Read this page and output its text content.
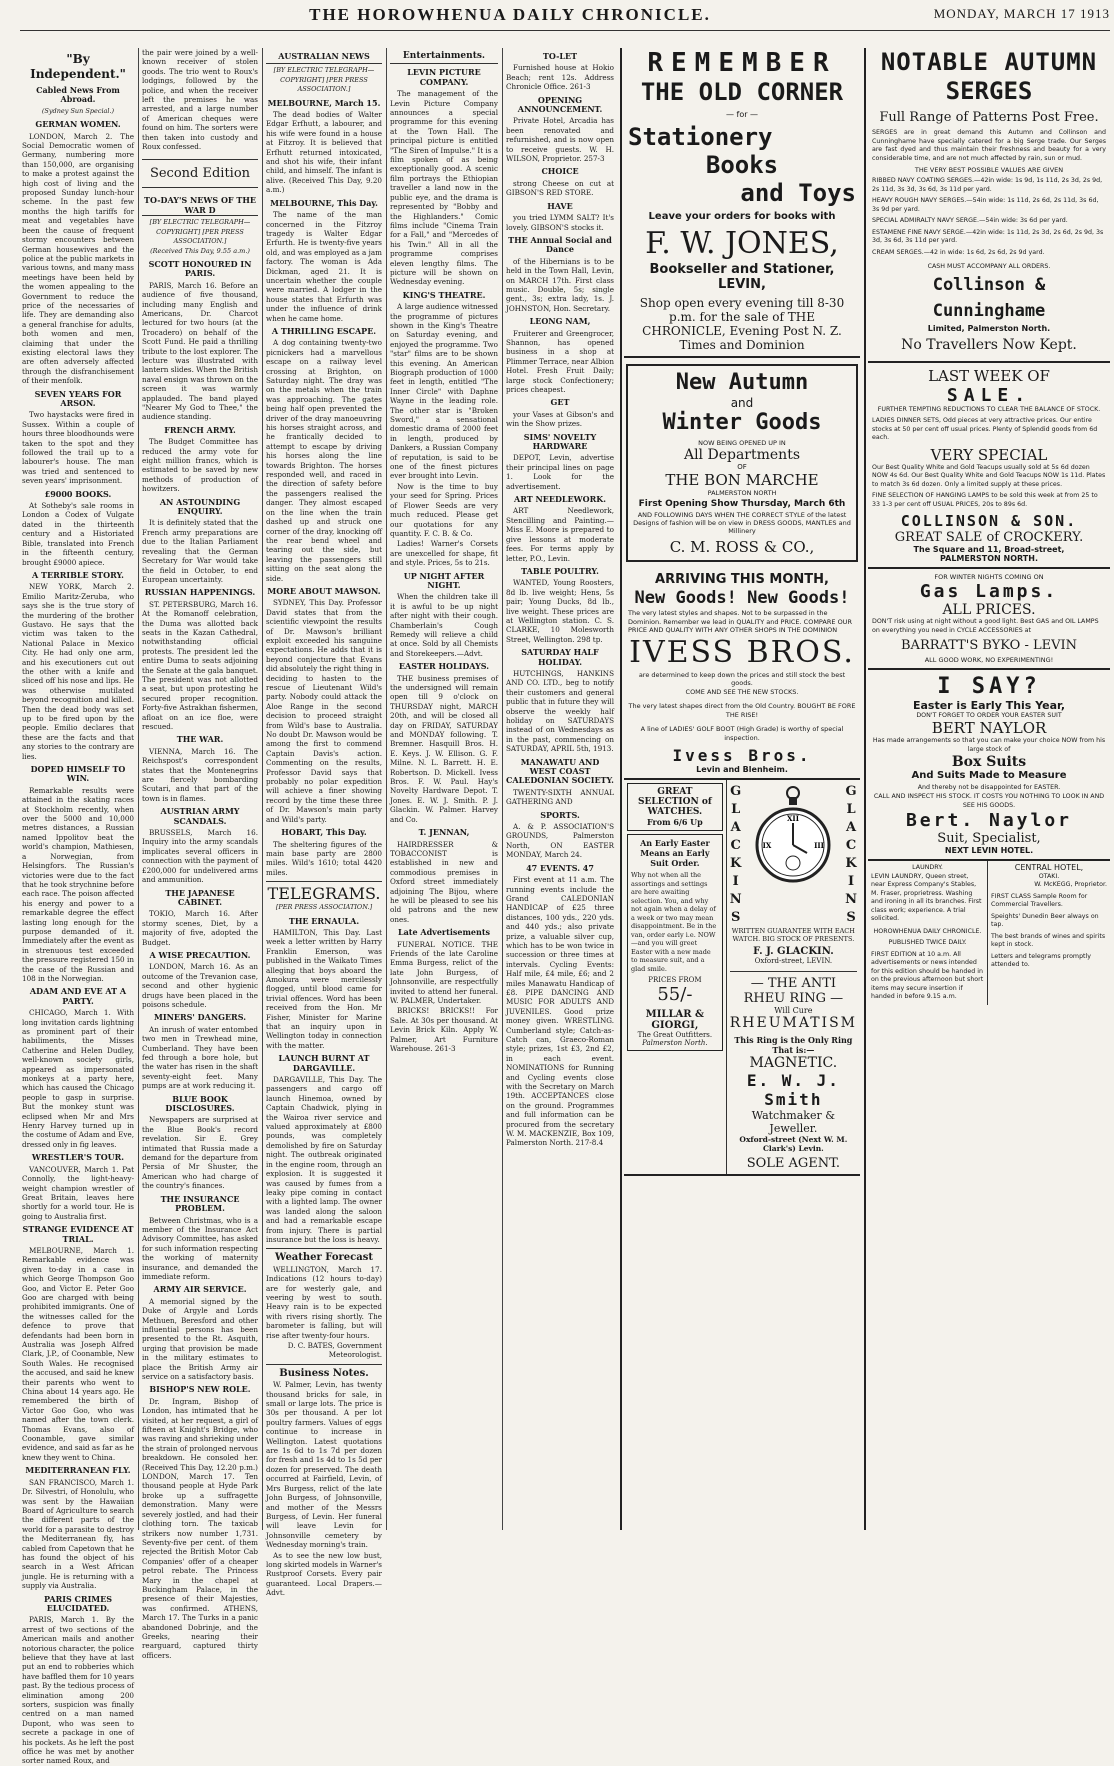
THE HOROWHENUA DAILY CHRONICLE.	MONDAY, MARCH 17 1913
"By Independent."
Cabled News From Abroad.
(Sydney Sun Special.)
GERMAN WOMEN.

LONDON, March 2. The Social Democratic women of Germany, numbering more than 150,000, are organising to make a protest against the high cost of living and the proposed Sunday lunch-hour scheme. In the past few months the high tariffs for meat and vegetables have been the cause of frequent stormy encounters between German housewives and the police at the public markets in various towns, and many mass meetings have been held by the women appealing to the Government to reduce the price of the necessaries of life. They are demanding also a general franchise for adults, both women and men, claiming that under the existing electoral laws they are often adversely affected through the disfranchisement of their menfolk.

SEVEN YEARS FOR ARSON.

Two haystacks were fired in Sussex. Within a couple of hours three bloodhounds were taken to the spot and they followed the trail up to a labourer's house. The man was tried and sentenced to seven years' imprisonment.

£9000 BOOKS.

At Sotheby's sale rooms in London a Codex of Vulgate dated in the thirteenth century and a Historiated Bible, translated into French in the fifteenth century, brought £9000 apiece.

A TERRIBLE STORY.

NEW YORK, March 2. Emilio Maritz-Zeruba, who says she is the true story of the murdering of the brother Gustavo. He says that the victim was taken to the National Palace in Mexico City. He had only one arm, and his executioners cut out the other with a knife and sliced off his nose and lips. He was otherwise mutilated beyond recognition and killed. Then the dead body was set up to be fired upon by the people. Emilio declares that these are the facts and that any stories to the contrary are lies.

DOPED HIMSELF TO WIN.

Remarkable results were attained in the skating races at Stockholm recently, when over the 5000 and 10,000 metres distances, a Russian named Ippolitov beat the world's champion, Mathiesen, a Norwegian, from Helsingfors. The Russian's victories were due to the fact that he took strychnine before each race. The poison affected his energy and power to a remarkable degree the effect lasting long enough for the purpose demanded of it. Immediately after the event as in strenuous test exceeded the pressure registered 150 in the case of the Russian and 108 in the Norwegian.

ADAM AND EVE AT A PARTY.

CHICAGO, March 1. With long invitation cards lightning as prominent part of their habiliments, the Misses Catherine and Helen Dudley, well-known society girls, appeared as impersonated monkeys at a party here, which has caused the Chicago people to gasp in surprise. But the monkey stunt was eclipsed when Mr and Mrs Henry Harvey turned up in the costume of Adam and Eve, dressed only in fig leaves.

WRESTLER'S TOUR.

VANCOUVER, March 1. Pat Connolly, the light-heavy-weight champion wrestler of Great Britain, leaves here shortly for a world tour. He is going to Australia first.

STRANGE EVIDENCE AT TRIAL.

MELBOURNE, March 1. Remarkable evidence was given to-day in a case in which George Thompson Goo Goo, and Victor E. Peter Goo Goo are charged with being prohibited immigrants. One of the witnesses called for the defence to prove that defendants had been born in Australia was Joseph Alfred Clark, J.P., of Coonamble, New South Wales. He recognised the accused, and said he knew their parents who went to China about 14 years ago. He remembered the birth of Victor Goo Goo, who was named after the town clerk. Thomas Evans, also of Coonamble, gave similar evidence, and said as far as he knew they went to China.

MEDITERRANEAN FLY.

SAN FRANCISCO, March 1. Dr. Silvestri, of Honolulu, who was sent by the Hawaiian Board of Agriculture to search the different parts of the world for a parasite to destroy the Mediterranean fly, has cabled from Capetown that he has found the object of his search in a West African jungle. He is returning with a supply via Australia.

PARIS CRIMES ELUCIDATED.

PARIS, March 1. By the arrest of two sections of the American mails and another notorious character, the police believe that they have at last put an end to robberies which have baffled them for 10 years past. By the tedious process of elimination among 200 sorters, suspicion was finally centred on a man named Dupont, who was seen to secrete a package in one of his pockets. As he left the post office he was met by another sorter named Roux, and

the pair were joined by a well-known receiver of stolen goods. The trio went to Roux's lodgings, followed by the police, and when the receiver left the premises he was arrested, and a large number of American cheques were found on him. The sorters were then taken into custody and Roux confessed.

Second Edition
TO-DAY'S NEWS OF THE WAR D
[BY ELECTRIC TELEGRAPH—COPYRIGHT] [PER PRESS ASSOCIATION.]
(Received This Day, 9.55 a.m.)
SCOTT HONOURED IN PARIS.

PARIS, March 16. Before an audience of five thousand, including many English and Americans, Dr. Charcot lectured for two hours (at the Trocadero) on behalf of the Scott Fund. He paid a thrilling tribute to the lost explorer. The lecture was illustrated with lantern slides. When the British naval ensign was thrown on the screen it was warmly applauded. The band played "Nearer My God to Thee," the audience standing.

FRENCH ARMY.

The Budget Committee has reduced the army vote for eight million francs, which is estimated to be saved by new methods of production of howitzers.

AN ASTOUNDING ENQUIRY.

It is definitely stated that the French army preparations are due to the Italian Parliament revealing that the German Secretary for War would take the field in October, to end European uncertainty.

RUSSIAN HAPPENINGS.

ST. PETERSBURG, March 16. At the Romanoff celebration, the Duma was allotted back seats in the Kazan Cathedral, notwithstanding official protests. The president led the entire Duma to seats adjoining the Senate at the gala banquet. The president was not allotted a seat, but upon protesting he secured proper recognition. Forty-five Astrakhan fishermen, afloat on an ice floe, were rescued.

THE WAR.

VIENNA, March 16. The Reichspost's correspondent states that the Montenegrins are fiercely bombarding Scutari, and that part of the town is in flames.

AUSTRIAN ARMY SCANDALS.

BRUSSELS, March 16. Inquiry into the army scandals implicates several officers in connection with the payment of £200,000 for undelivered arms and ammunition.

THE JAPANESE CABINET.

TOKIO, March 16. After stormy scenes, Diet, by a majority of five, adopted the Budget.

A WISE PRECAUTION.

LONDON, March 16. As an outcome of the Trevanion case, second and other hygienic drugs have been placed in the poisons schedule.

MINERS' DANGERS.

An inrush of water entombed two men in Trewhead mine, Cumberland. They have been fed through a bore hole, but the water has risen in the shaft seventy-eight feet. Many pumps are at work reducing it.

BLUE BOOK DISCLOSURES.

Newspapers are surprised at the Blue Book's record revelation. Sir E. Grey intimated that Russia made a demand for the departure from Persia of Mr Shuster, the American who had charge of the country's finances.

THE INSURANCE PROBLEM.

Between Christmas, who is a member of the Insurance Act Advisory Committee, has asked for such information respecting the working of maternity insurance, and demanded the immediate reform.

ARMY AIR SERVICE.

A memorial signed by the Duke of Argyle and Lords Methuen, Beresford and other influential persons has been presented to the Rt. Asquith, urging that provision be made in the military estimates to place the British Army air service on a satisfactory basis.

BISHOP'S NEW ROLE.

Dr. Ingram, Bishop of London, has intimated that he visited, at her request, a girl of fifteen at Knight's Bridge, who was raving and shrieking under the strain of prolonged nervous breakdown. He consoled her. (Received This Day, 12.20 p.m.) LONDON, March 17. Ten thousand people at Hyde Park broke up a suffragette demonstration. Many were severely jostled, and had their clothing torn. The taxicab strikers now number 1,731. Seventy-five per cent. of them rejected the British Motor Cab Companies' offer of a cheaper petrol rebate. The Princess Mary in the chapel at Buckingham Palace, in the presence of their Majesties, was confirmed. ATHENS, March 17. The Turks in a panic abandoned Dobrinje, and the Greeks, nearing their rearguard, captured thirty officers.

AUSTRALIAN NEWS
[BY ELECTRIC TELEGRAPH—COPYRIGHT] [PER PRESS ASSOCIATION.]
MELBOURNE, March 15.

The dead bodies of Walter Edgar Erfhutt, a labourer, and his wife were found in a house at Fitzroy. It is believed that Erfhutt returned intoxicated, and shot his wife, their infant child, and himself. The infant is alive. (Received This Day, 9.20 a.m.)

MELBOURNE, This Day.

The name of the man concerned in the Fitzroy tragedy is Walter Edgar Erfurth. He is twenty-five years old, and was employed as a jam factory. The woman is Ada Dickman, aged 21. It is uncertain whether the couple were married. A lodger in the house states that Erfurth was under the influence of drink when he came home.

A THRILLING ESCAPE.

A dog containing twenty-two picnickers had a marvellous escape on a railway level crossing at Brighton, on Saturday night. The dray was on the metals when the train was approaching. The gates being half open prevented the driver of the dray manoeuvring his horses straight across, and he frantically decided to attempt to escape by driving his horses along the line towards Brighton. The horses responded well, and raced in the direction of safety before the passengers realised the danger. They almost escaped on the line when the train dashed up and struck one corner of the dray, knocking off the rear bend wheel and tearing out the side, but leaving the passengers still sitting on the seat along the side.

MORE ABOUT MAWSON.

SYDNEY, This Day. Professor David states that from the scientific viewpoint the results of Dr. Mawson's brilliant exploit exceeded his sanguine expectations. He adds that it is beyond conjecture that Evans did absolutely the right thing in deciding to hasten to the rescue of Lieutenant Wild's party. Nobody could attack the Aloe Range in the second decision to proceed straight from Wild's base to Australia. No doubt Dr. Mawson would be among the first to commend Captain Davis's action. Commenting on the results, Professor David says that probably no polar expedition will achieve a finer showing record by the time these three of Dr. Mawson's main party and Wild's party.

HOBART, This Day.

The sheltering figures of the main base party are 2800 miles. Wild's 1610; total 4420 miles.

TELEGRAMS.
[PER PRESS ASSOCIATION.]
THE ERNAULA.

HAMILTON, This Day. Last week a letter written by Harry Franklin Emerson, was published in the Waikato Times alleging that boys aboard the Amokura were mercilessly flogged, until blood came for trivial offences. Word has been received from the Hon. Mr Fisher, Minister for Marine that an inquiry upon in Wellington today in connection with the matter.

LAUNCH BURNT AT DARGAVILLE.

DARGAVILLE, This Day. The passengers and cargo off launch Hinemoa, owned by Captain Chadwick, plying in the Wairoa river service and valued approximately at £800 pounds, was completely demolished by fire on Saturday night. The outbreak originated in the engine room, through an explosion. It is suggested it was caused by fumes from a leaky pipe coming in contact with a lighted lamp. The owner was landed along the saloon and had a remarkable escape from injury. There is partial insurance but the loss is heavy.

Weather Forecast

WELLINGTON, March 17. Indications (12 hours to-day) are for westerly gale, and veering by west to south. Heavy rain is to be expected with rivers rising shortly. The barometer is falling, but will rise after twenty-four hours.

D. C. BATES, Government Meteorologist.

Business Notes.

W. Palmer, Levin, has twenty thousand bricks for sale, in small or large lots. The price is 30s per thousand. A per lot poultry farmers. Values of eggs continue to increase in Wellington. Latest quotations are 1s 6d to 1s 7d per dozen for fresh and 1s 4d to 1s 5d per dozen for preserved. The death occurred at Fairfield, Levin, of Mrs Burgess, relict of the late John Burgess, of Johnsonville, and mother of the Messrs Burgess, of Levin. Her funeral will leave Levin for Johnsonville cemetery by Wednesday morning's train.

As to see the new low bust, long skirted models in Warner's Rustproof Corsets. Every pair guaranteed. Local Drapers.—Advt.

Entertainments.
LEVIN PICTURE COMPANY.

The management of the Levin Picture Company announces a special programme for this evening at the Town Hall. The principal picture is entitled "The Siren of Impulse." It is a film spoken of as being exceptionally good. A scenic film portrays the Ethiopian traveller a land now in the public eye, and the drama is represented by "Bobby and the Highlanders." Comic films include "Cinema Train for a Fall," and "Mercedes of his Twin." All in all the programme comprises eleven lengthy films. The picture will be shown on Wednesday evening.

KING'S THEATRE.

A large audience witnessed the programme of pictures shown in the King's Theatre on Saturday evening, and enjoyed the programme. Two "star" films are to be shown this evening. An American Biograph production of 1000 feet in length, entitled "The Inner Circle" with Daphne Wayne in the leading role. The other star is "Broken Sword," a sensational domestic drama of 2000 feet in length, produced by Dankers, a Russian Company of reputation, is said to be one of the finest pictures ever brought into Levin.

Now is the time to buy your seed for Spring. Prices of Flower Seeds are very much reduced. Please get our quotations for any quantity. F. C. B. & Co.

Ladies! Warner's Corsets are unexcelled for shape, fit and style. Prices, 5s to 21s.

UP NIGHT AFTER NIGHT.

When the children take ill it is awful to be up night after night with their cough. Chamberlain's Cough Remedy will relieve a child at once. Sold by all Chemists and Storekeepers.—Advt.

EASTER HOLIDAYS.

THE business premises of the undersigned will remain open till 9 o'clock on THURSDAY night, MARCH 20th, and will be closed all day on FRIDAY, SATURDAY and MONDAY following. T. Bremner. Hasquill Bros. H. E. Keys. J. W. Ellison. G. F. Milne. N. L. Barrett. H. E. Robertson. D. Mickell. Ivess Bros. F. W. Paul. Hay's Novelty Hardware Depot. T. Jones. E. W. J. Smith. P. J. Glackin. W. Palmer. Harvey and Co.

T. JENNAN,

HAIRDRESSER & TOBACCONIST is established in new and commodious premises in Oxford street immediately adjoining The Bijou, where he will be pleased to see his old patrons and the new ones.

Late Advertisements

FUNERAL NOTICE. THE Friends of the late Caroline Emma Burgess, relict of the late John Burgess, of Johnsonville, are respectfully invited to attend her funeral. W. PALMER, Undertaker.

BRICKS! BRICKS!! For Sale. At 30s per thousand. At Levin Brick Kiln. Apply W. Palmer, Art Furniture Warehouse. 261-3

TO-LET

Furnished house at Hokio Beach; rent 12s. Address Chronicle Office. 261-3

OPENING ANNOUNCEMENT.

Private Hotel, Arcadia has been renovated and refurnished, and is now open to receive guests. W. H. WILSON, Proprietor. 257-3

CHOICE

strong Cheese on cut at GIBSON'S RED STORE.

HAVE

you tried LYMM SALT? It's lovely. GIBSON'S stocks it.

THE Annual Social and Dance

of the Hibernians is to be held in the Town Hall, Levin, on MARCH 17th. First class music. Double, 5s; single gent., 3s; extra lady, 1s. J. JOHNSTON, Hon. Secretary.

LEONG NAM,

Fruiterer and Greengrocer, Shannon, has opened business in a shop at Plimmer Terrace, near Albion Hotel. Fresh Fruit Daily; large stock Confectionery; prices cheapest.

GET

your Vases at Gibson's and win the Show prizes.

SIMS' NOVELTY HARDWARE

DEPOT, Levin, advertise their principal lines on page 1. Look for the advertisement.

ART NEEDLEWORK.

ART Needlework, Stencilling and Painting.—Miss E. Moore is prepared to give lessons at moderate fees. For terms apply by letter, P.O., Levin.

TABLE POULTRY.

WANTED, Young Roosters, 8d lb. live weight; Hens, 5s pair; Young Ducks, 8d lb., live weight. These prices are at Wellington station. C. S. CLARKE, 10 Molesworth Street, Wellington. 298 tp.

SATURDAY HALF HOLIDAY.

HUTCHINGS, HANKINS AND CO. LTD., beg to notify their customers and general public that in future they will observe the weekly half holiday on SATURDAYS instead of on Wednesdays as in the past, commencing on SATURDAY, APRIL 5th, 1913.

MANAWATU AND WEST COAST CALEDONIAN SOCIETY.

TWENTY-SIXTH ANNUAL GATHERING AND

SPORTS.

A. & P. ASSOCIATION'S GROUNDS, Palmerston North, ON EASTER MONDAY, March 24.

47 EVENTS. 47

First event at 11 a.m. The running events include the Grand CALEDONIAN HANDICAP of £25 three distances, 100 yds., 220 yds. and 440 yds.; also private prize, a valuable silver cup, which has to be won twice in succession or three times at intervals. Cycling Events: Half mile, £4 mile, £6; and 2 miles Manawatu Handicap of £8. PIPE DANCING AND MUSIC FOR ADULTS AND JUVENILES. Good prize money given. WRESTLING. Cumberland style; Catch-as-Catch can, Graeco-Roman style; prizes, 1st £3, 2nd £2, in each event. NOMINATIONS for Running and Cycling events close with the Secretary on March 19th. ACCEPTANCES close on the ground. Programmes and full information can be procured from the secretary W. M. MACKENZIE, Box 109, Palmerston North. 217-8.4

REMEMBER
THE OLD CORNER
— for —
Stationery
Books
and Toys
Leave your orders for books with
F. W. JONES,
Bookseller and Stationer,
LEVIN,
Shop open every evening till 8-30 p.m. for the sale of THE CHRONICLE, Evening Post N. Z. Times and Dominion
New Autumn
and
Winter Goods
NOW BEING OPENED UP IN
All Departments
OF
THE BON MARCHE
PALMERSTON NORTH
First Opening Show Thursday, March 6th
AND FOLLOWING DAYS WHEN THE CORRECT STYLE of the latest Designs of fashion will be on view in DRESS GOODS, MANTLES and Millinery
C. M. ROSS & CO.,
ARRIVING THIS MONTH,
New Goods! New Goods!
The very latest styles and shapes. Not to be surpassed in the Dominion. Remember we lead in QUALITY and PRICE. COMPARE OUR PRICE AND QUALITY WITH ANY OTHER SHOPS IN THE DOMINION
IVESS BROS.
are determined to keep down the prices and still stock the best goods.
COME AND SEE THE NEW STOCKS.
The very latest shapes direct from the Old Country. BOUGHT BE FORE THE RISE!
A line of LADIES' GOLF BOOT (High Grade) is worthy of special inspection.
Ivess Bros.
Levin and Blenheim.
GREAT SELECTION of WATCHES.
From 6/6 Up
An Early Easter Means an Early Suit Order.
Why not when all the assortings and settings are here awaiting selection. You, and why not again when a delay of a week or two may mean disappointment. Be in the van, order early i.e. NOW—and you will greet Easter with a new made to measure suit, and a glad smile.
PRICES FROM
55/-
MILLAR & GIORGI,
The Great Outfitters.
Palmerston North.
G
L
A
C
K
I
N
S
XII
III
IX
G
L
A
C
K
I
N
S
WRITTEN GUARANTEE WITH EACH WATCH. BIG STOCK OF PRESENTS.
F. J. GLACKIN.
Oxford-street, LEVIN.
— THE ANTI RHEU RING —
Will Cure
RHEUMATISM
This Ring is the Only Ring That is:—
MAGNETIC.
E. W. J. Smith
Watchmaker & Jeweller.
Oxford-street (Next W. M. Clark's) Levin.
SOLE AGENT.
NOTABLE AUTUMN
SERGES
Full Range of Patterns Post Free.
SERGES are in great demand this Autumn and Collinson and Cunninghame have specially catered for a big Serge trade. Our Serges are fast dyed and thus maintain their freshness and beauty for a very considerable time, and are not much affected by rain, sun or mud.
THE VERY BEST POSSIBLE VALUES ARE GIVEN
RIBBED NAVY COATING SERGES.—42in wide: 1s 9d, 1s 11d, 2s 3d, 2s 9d, 2s 11d, 3s 3d, 3s 6d, 3s 11d per yard.
HEAVY ROUGH NAVY SERGES.—54in wide: 1s 11d, 2s 6d, 2s 11d, 3s 6d, 3s 9d per yard.
SPECIAL ADMIRALTY NAVY SERGE.—54in wide: 3s 6d per yard.
ESTAMENE FINE NAVY SERGE.—42in wide: 1s 11d, 2s 3d, 2s 6d, 2s 9d, 3s 3d, 3s 6d, 3s 11d per yard.
CREAM SERGES.—42 in wide: 1s 6d, 2s 6d, 2s 9d yard.
CASH MUST ACCOMPANY ALL ORDERS.
Collinson & Cunninghame
Limited, Palmerston North.
No Travellers Now Kept.
LAST WEEK OF
SALE.
FURTHER TEMPTING REDUCTIONS TO CLEAR THE BALANCE OF STOCK.
LADIES DINNER SETS, Odd pieces at very attractive prices. Our entire stocks at 50 per cent off usual prices. Plenty of Splendid goods from 6d each.
VERY SPECIAL
Our Best Quality White and Gold Teacups usually sold at 5s 6d dozen NOW 4s 6d. Our Best Quality White and Gold Teacups NOW 1s 11d. Plates to match 3s 6d dozen. Only a limited supply at these prices.
FINE SELECTION OF HANGING LAMPS to be sold this week at from 25 to 33 1-3 per cent off USUAL PRICES, 20s to 89s 6d.
COLLINSON & SON.
GREAT SALE of CROCKERY.
The Square and 11, Broad-street,
PALMERSTON NORTH.
FOR WINTER NIGHTS COMING ON
Gas Lamps.
ALL PRICES.
DON'T risk using at night without a good light. Best GAS and OIL LAMPS on everything you need in CYCLE ACCESSORIES at
BARRATT'S BYKO - LEVIN
ALL GOOD WORK, NO EXPERIMENTING!
I SAY?
Easter is Early This Year,
DON'T FORGET TO ORDER YOUR EASTER SUIT
BERT NAYLOR
Has made arrangements so that you can make your choice NOW from his large stock of
Box Suits
And Suits Made to Measure
And thereby not be disappointed for EASTER.
CALL AND INSPECT HIS STOCK. IT COSTS YOU NOTHING TO LOOK IN AND SEE HIS GOODS.
Bert. Naylor
Suit, Specialist,
NEXT LEVIN HOTEL.
LAUNDRY.
LEVIN LAUNDRY, Queen street, near Express Company's Stables, M. Fraser, proprietress. Washing and ironing in all its branches. First class work; experience. A trial solicited.
HOROWHENUA DAILY CHRONICLE.
PUBLISHED TWICE DAILY.
FIRST EDITION at 10 a.m. All advertisements or news intended for this edition should be handed in on the previous afternoon but short items may secure insertion if handed in before 9.15 a.m.
CENTRAL HOTEL,
OTAKI.
W. McKEGG, Proprietor.
FIRST CLASS Sample Room for Commercial Travellers.
Speights' Dunedin Beer always on tap.
The best brands of wines and spirits kept in stock.
Letters and telegrams promptly attended to.
